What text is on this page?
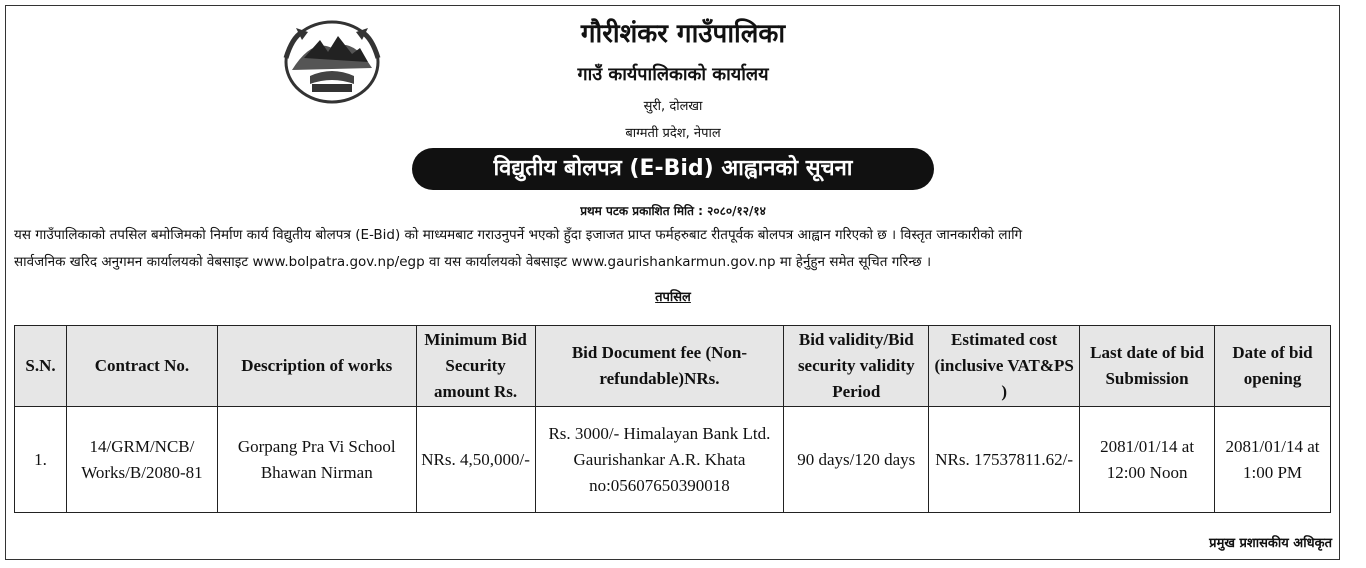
गौरीशंकर गाउँपालिका
गाउँ कार्यपालिकाको कार्यालय
सुरी, दोलखा
बाग्मती प्रदेश, नेपाल
विद्युतीय बोलपत्र (E-Bid) आह्वानको सूचना
प्रथम पटक प्रकाशित मिति : २०८०/१२/१४

यस गाउँपालिकाको तपसिल बमोजिमको निर्माण कार्य विद्युतीय बोलपत्र (E-Bid) को माध्यमबाट गराउनुपर्ने भएको हुँदा इजाजत प्राप्त फर्महरुबाट रीतपूर्वक बोलपत्र आह्वान गरिएको छ । विस्तृत जानकारीको लागि

सार्वजनिक खरिद अनुगमन कार्यालयको वेबसाइट www.bolpatra.gov.np/egp वा यस कार्यालयको वेबसाइट www.gaurishankarmun.gov.np मा हेर्नुहुन समेत सूचित गरिन्छ ।

तपसिल
S.N.	Contract No.	Description of works	Minimum Bid Security amount Rs.	Bid Document fee (Non-refundable)NRs.	Bid validity/Bid security validity Period	Estimated cost (inclusive VAT&PS )	Last date of bid Submission	Date of bid opening
1.	14/GRM/NCB/ Works/B/2080-81	Gorpang Pra Vi School Bhawan Nirman	NRs. 4,50,000/-	Rs. 3000/- Himalayan Bank Ltd. Gaurishankar A.R. Khata no:05607650390018	90 days/120 days	NRs. 17537811.62/-	2081/01/14 at 12:00 Noon	2081/01/14 at 1:00 PM
प्रमुख प्रशासकीय अधिकृत
